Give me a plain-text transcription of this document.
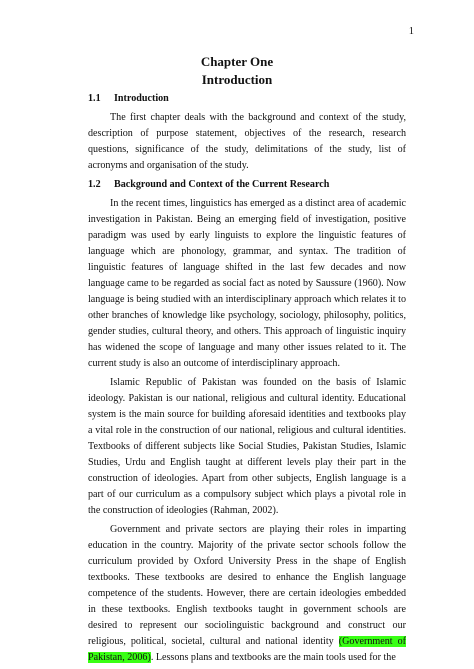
1
Chapter One
Introduction
1.1	Introduction

The first chapter deals with the background and context of the study, description of purpose statement, objectives of the research, research questions, significance of the study, delimitations of the study, list of acronyms and organisation of the study.

1.2	Background and Context of the Current Research

In the recent times, linguistics has emerged as a distinct area of academic investigation in Pakistan. Being an emerging field of investigation, positive paradigm was used by early linguists to explore the linguistic features of language which are phonology, grammar, and syntax. The tradition of linguistic features of language shifted in the last few decades and now language came to be regarded as social fact as noted by Saussure (1960). Now language is being studied with an interdisciplinary approach which relates it to other branches of knowledge like psychology, sociology, philosophy, politics, gender studies, cultural theory, and others. This approach of linguistic inquiry has widened the scope of language and many other issues related to it. The current study is also an outcome of interdisciplinary approach.

Islamic Republic of Pakistan was founded on the basis of Islamic ideology. Pakistan is our national, religious and cultural identity. Educational system is the main source for building aforesaid identities and textbooks play a vital role in the construction of our national, religious and cultural identities. Textbooks of different subjects like Social Studies, Pakistan Studies, Islamic Studies, Urdu and English taught at different levels play their part in the construction of ideologies. Apart from other subjects, English language is a part of our curriculum as a compulsory subject which plays a pivotal role in the construction of ideologies (Rahman, 2002).

Government and private sectors are playing their roles in imparting education in the country. Majority of the private sector schools follow the curriculum provided by Oxford University Press in the shape of English textbooks. These textbooks are desired to enhance the English language competence of the students. However, there are certain ideologies embedded in these textbooks. English textbooks taught in government schools are desired to represent our sociolinguistic background and construct our religious, political, societal, cultural and national identity (Government of Pakistan, 2006). Lessons plans and textbooks are the main tools used for the
